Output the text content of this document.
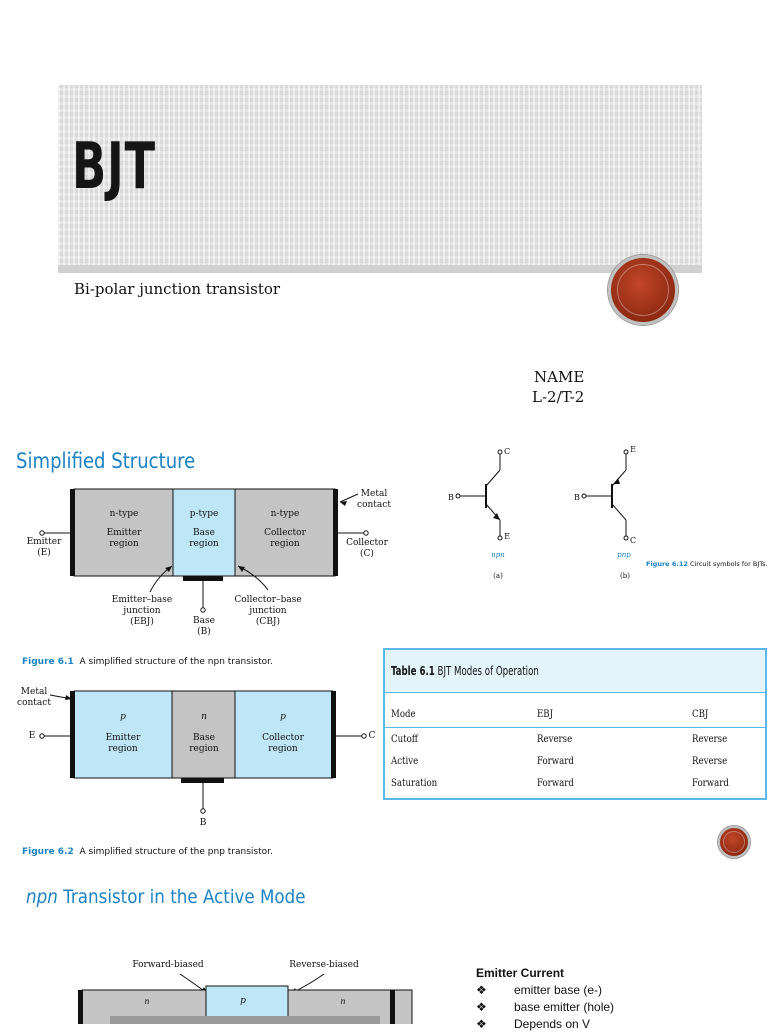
BJT
Bi-polar junction transistor
NAME
L-2/T-2
Simplified Structure
n-type
Emitter
region
p-type
Base
region
n-type
Collector
region
Metal
contact
Emitter
(E)
Collector
(C)
Emitter–base
junction
(EBJ)	Base
(B)
Collector–base
junction
(CBJ)
Figure 6.1 A simplified structure of the npn transistor.
Metal
contact
p
Emitter
region
n
Base
region
p
Collector
region
E	C
B
Figure 6.2 A simplified structure of the pnp transistor.
C
B
E
npn
(a)
E
B
C
pnp
(b)
Figure 6.12 Circuit symbols for BJTs.
Table 6.1 BJT Modes of Operation
Mode	EBJ	CBJ
Cutoff	Reverse	Reverse
Active	Forward	Reverse
Saturation	Forward	Forward
npn Transistor in the Active Mode
Forward-biased	Reverse-biased
n	p	n
Emitter Current
❖	emitter base (e-)
❖	base emitter (hole)
❖	Depends on V
